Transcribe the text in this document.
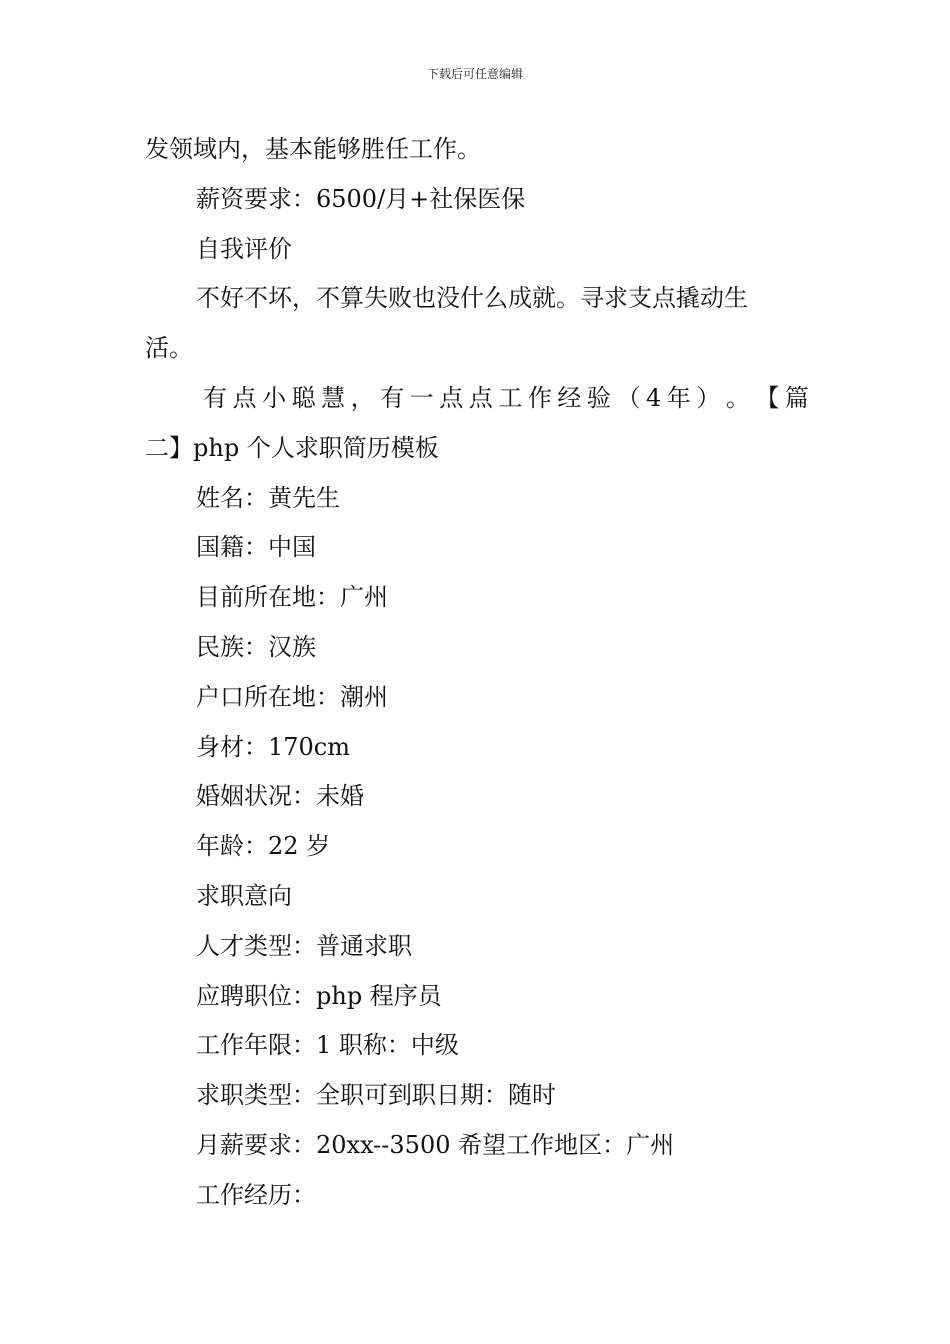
下载后可任意编辑
发领域内，基本能够胜任工作。
薪资要求：6500/月+社保医保
自我评价
不好不坏，不算失败也没什么成就。寻求支点撬动生
活。
有 点 小 聪 慧 ， 有 一 点 点 工 作 经 验 （ 4 年 ） 。 【 篇
二】php 个人求职简历模板
姓名：黄先生
国籍：中国
目前所在地：广州
民族：汉族
户口所在地：潮州
身材：170cm
婚姻状况：未婚
年龄：22 岁
求职意向
人才类型：普通求职
应聘职位：php 程序员
工作年限：1 职称：中级
求职类型：全职可到职日期：随时
月薪要求：20xx--3500 希望工作地区：广州
工作经历：
